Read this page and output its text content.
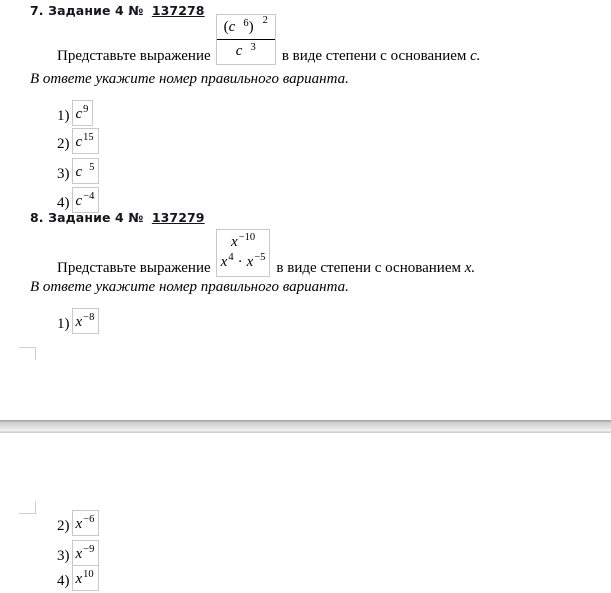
7. Задание 4 № 137278
Представьте выражение $\frac{(c ^6) ^2}{c ^3}$ в виде степени с основанием c.
В ответе укажите номер правильного варианта.
1) $c^9$
2) $c^{15}$
3) c $^5$
4) $c^{-4}$
8. Задание 4 № 137279
Представьте выражение
$x^{-10}$
$x^4 \cdot x^{-5}$
в виде степени с основанием x.
В ответе укажите номер правильного варианта.
1) $x^{-8}$
2) $x^{-6}$
3) $x^{-9}$
4) $x^{10}$
